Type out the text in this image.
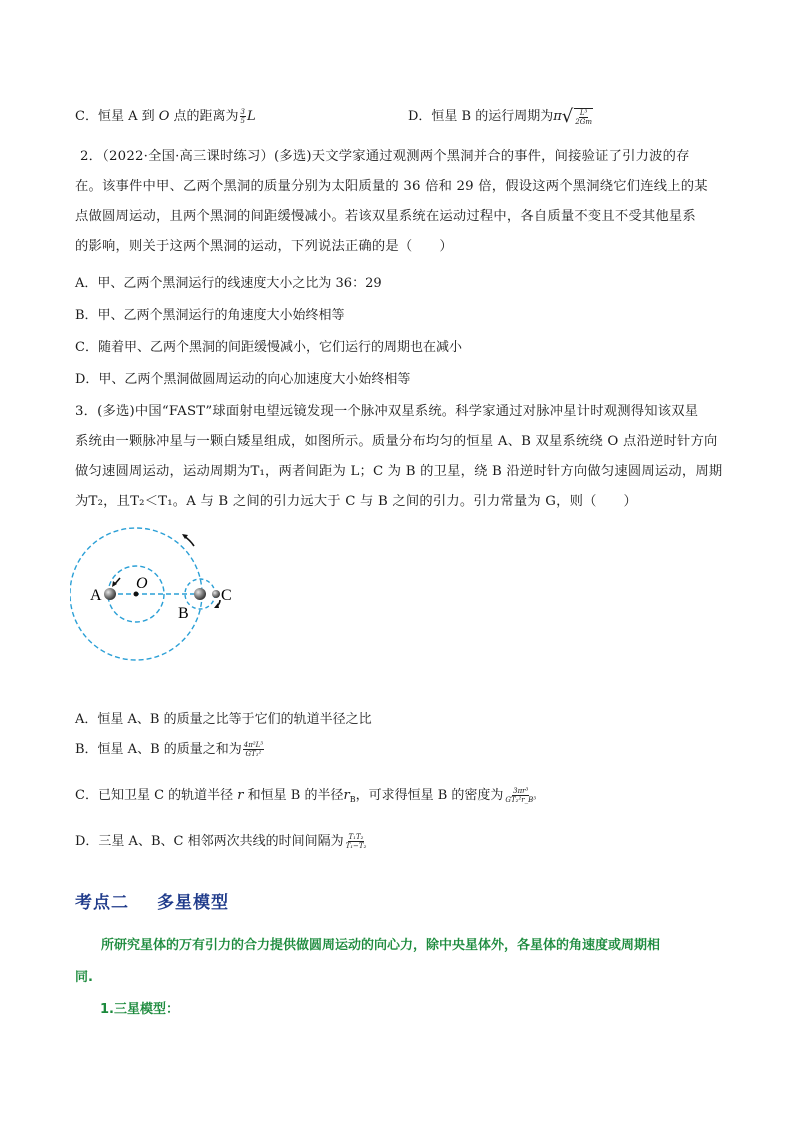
C．恒星 A 到 O 点的距离为 $\frac{3}{5}$ L	D．恒星 B 的运行周期为$\pi√ \frac{\text{L³}}{2Gm}$
2．（2022·全国·高三课时练习）(多选)天文学家通过观测两个黑洞并合的事件，间接验证了引力波的存
在。该事件中甲、乙两个黑洞的质量分别为太阳质量的 36 倍和 29 倍，假设这两个黑洞绕它们连线上的某
点做圆周运动，且两个黑洞的间距缓慢减小。若该双星系统在运动过程中，各自质量不变且不受其他星系
的影响，则关于这两个黑洞的运动，下列说法正确的是（　　）
A．甲、乙两个黑洞运行的线速度大小之比为 36：29
B．甲、乙两个黑洞运行的角速度大小始终相等
C．随着甲、乙两个黑洞的间距缓慢减小，它们运行的周期也在减小
D．甲、乙两个黑洞做圆周运动的向心加速度大小始终相等
3．(多选)中国“FAST”球面射电望远镜发现一个脉冲双星系统。科学家通过对脉冲星计时观测得知该双星
系统由一颗脉冲星与一颗白矮星组成，如图所示。质量分布均匀的恒星 A、B 双星系统绕 O 点沿逆时针方向
做匀速圆周运动，运动周期为T₁，两者间距为 L；C 为 B 的卫星，绕 B 沿逆时针方向做匀速圆周运动，周期
为T₂，且T₂＜T₁。A 与 B 之间的引力远大于 C 与 B 之间的引力。引力常量为 G，则（　　）
A
O
B
C
A．恒星 A、B 的质量之比等于它们的轨道半径之比
B．恒星 A、B 的质量之和为 $\frac{\text{4π²L³}}{\text{GT₁²}}$
C．已知卫星 C 的轨道半径 r 和恒星 B 的半径$r_B$，可求得恒星 B 的密度为 $\frac{\text{3πr³}}{\text{GT₂²r\_B³}}$
D．三星 A、B、C 相邻两次共线的时间间隔为 $\frac{\text{T₁T₂}}{\text{T₁−T₂}}$
考点二 多星模型
所研究星体的万有引力的合力提供做圆周运动的向心力，除中央星体外，各星体的角速度或周期相
同.
1.三星模型：
